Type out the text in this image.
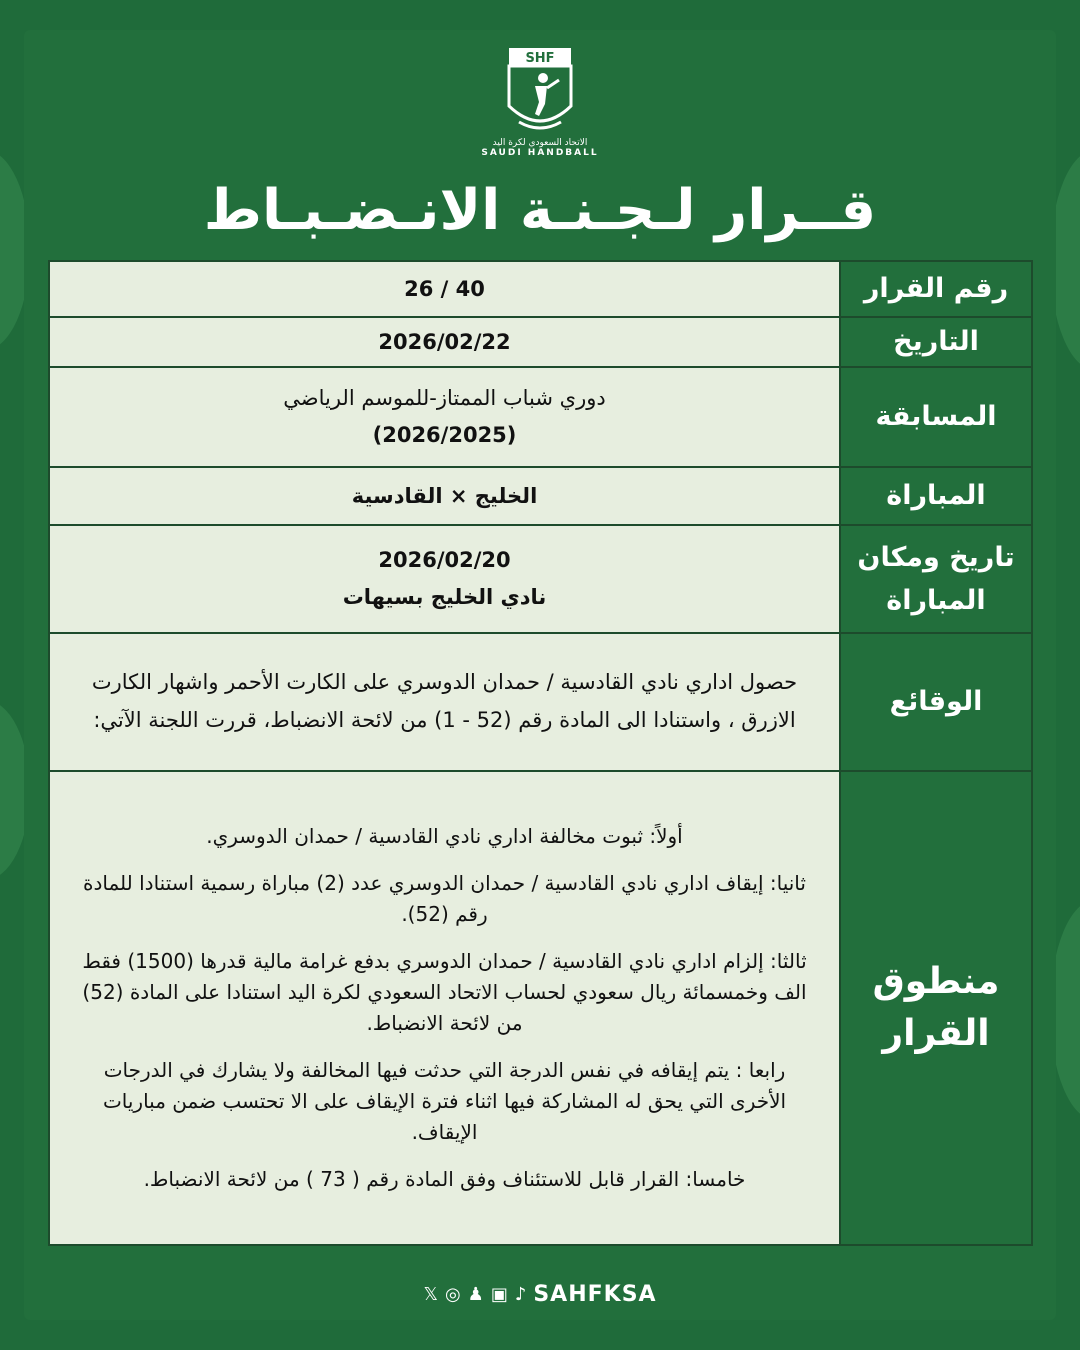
SHF
الاتحاد السعودي لكرة اليد
SAUDI HANDBALL
قــرار لـجـنـة الانـضـبـاط
رقم القرار
26 / 40
التاريخ
2026/02/22
المسابقة
دوري شباب الممتاز-للموسم الرياضي
(2026/2025)
المباراة
الخليج × القادسية
تاريخ ومكان
المباراة
2026/02/20
نادي الخليج بسيهات
الوقائع

حصول اداري نادي القادسية / حمدان الدوسري على الكارت الأحمر واشهار الكارت الازرق ، واستنادا الى المادة رقم (52 - 1) من لائحة الانضباط، قررت اللجنة الآتي:

منطوق
القرار

أولاً: ثبوت مخالفة اداري نادي القادسية / حمدان الدوسري.

ثانيا: إيقاف اداري نادي القادسية / حمدان الدوسري عدد (2) مباراة رسمية استنادا للمادة رقم (52).

ثالثا: إلزام اداري نادي القادسية / حمدان الدوسري بدفع غرامة مالية قدرها (1500) فقط الف وخمسمائة ريال سعودي لحساب الاتحاد السعودي لكرة اليد استنادا على المادة (52) من لائحة الانضباط.

رابعا : يتم إيقافه في نفس الدرجة التي حدثت فيها المخالفة ولا يشارك في الدرجات الأخرى التي يحق له المشاركة فيها اثناء فترة الإيقاف على الا تحتسب ضمن مباريات الإيقاف.

خامسا: القرار قابل للاستئناف وفق المادة رقم ( 73 ) من لائحة الانضباط.

𝕏 ◎ ♟ ▣ ♪ SAHFKSA
